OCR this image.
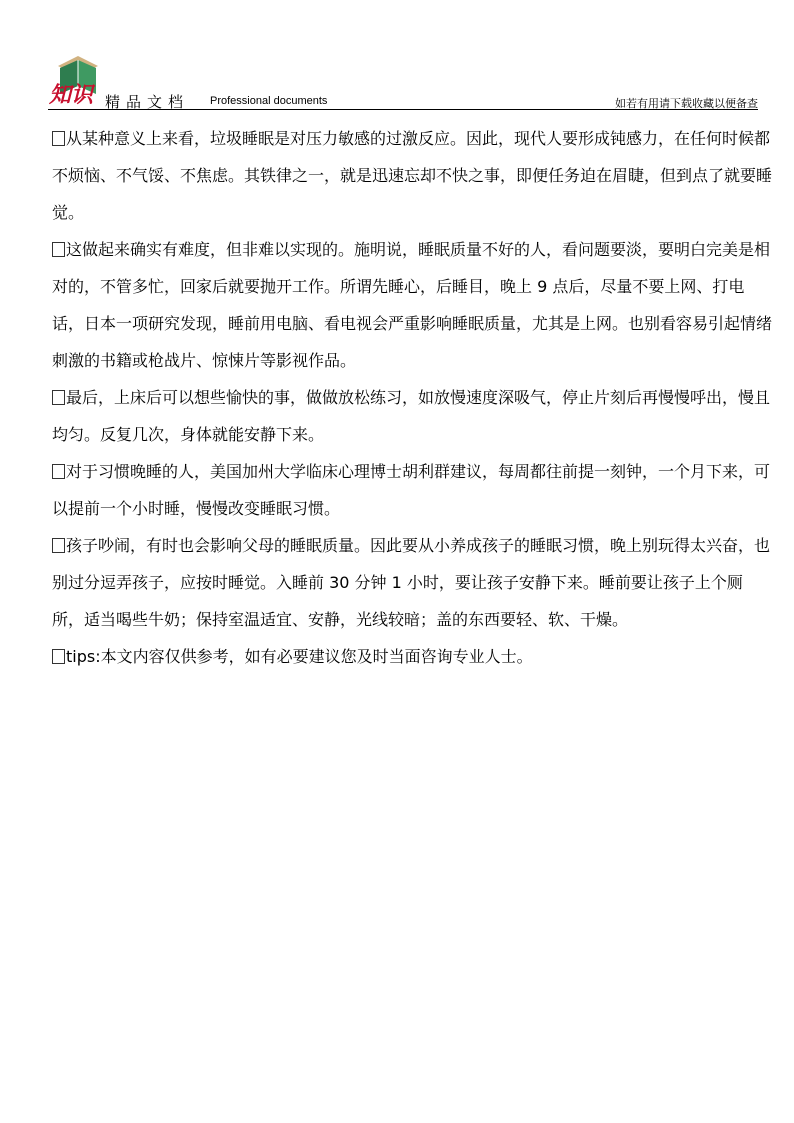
知识 精品文档 Professional documents	如若有用请下载收藏以便备查

从某种意义上来看，垃圾睡眠是对压力敏感的过激反应。因此，现代人要形成钝感力，在任何时候都不烦恼、不气馁、不焦虑。其铁律之一，就是迅速忘却不快之事，即便任务迫在眉睫，但到点了就要睡觉。

这做起来确实有难度，但非难以实现的。施明说，睡眠质量不好的人，看问题要淡，要明白完美是相对的，不管多忙，回家后就要抛开工作。所谓先睡心，后睡目，晚上 9 点后，尽量不要上网、打电话，日本一项研究发现，睡前用电脑、看电视会严重影响睡眠质量，尤其是上网。也别看容易引起情绪刺激的书籍或枪战片、惊悚片等影视作品。

最后，上床后可以想些愉快的事，做做放松练习，如放慢速度深吸气，停止片刻后再慢慢呼出，慢且均匀。反复几次，身体就能安静下来。

对于习惯晚睡的人，美国加州大学临床心理博士胡利群建议，每周都往前提一刻钟，一个月下来，可以提前一个小时睡，慢慢改变睡眠习惯。

孩子吵闹，有时也会影响父母的睡眠质量。因此要从小养成孩子的睡眠习惯，晚上别玩得太兴奋，也别过分逗弄孩子，应按时睡觉。入睡前 30 分钟 1 小时，要让孩子安静下来。睡前要让孩子上个厕所，适当喝些牛奶；保持室温适宜、安静，光线较暗；盖的东西要轻、软、干燥。

tips:本文内容仅供参考，如有必要建议您及时当面咨询专业人士。
